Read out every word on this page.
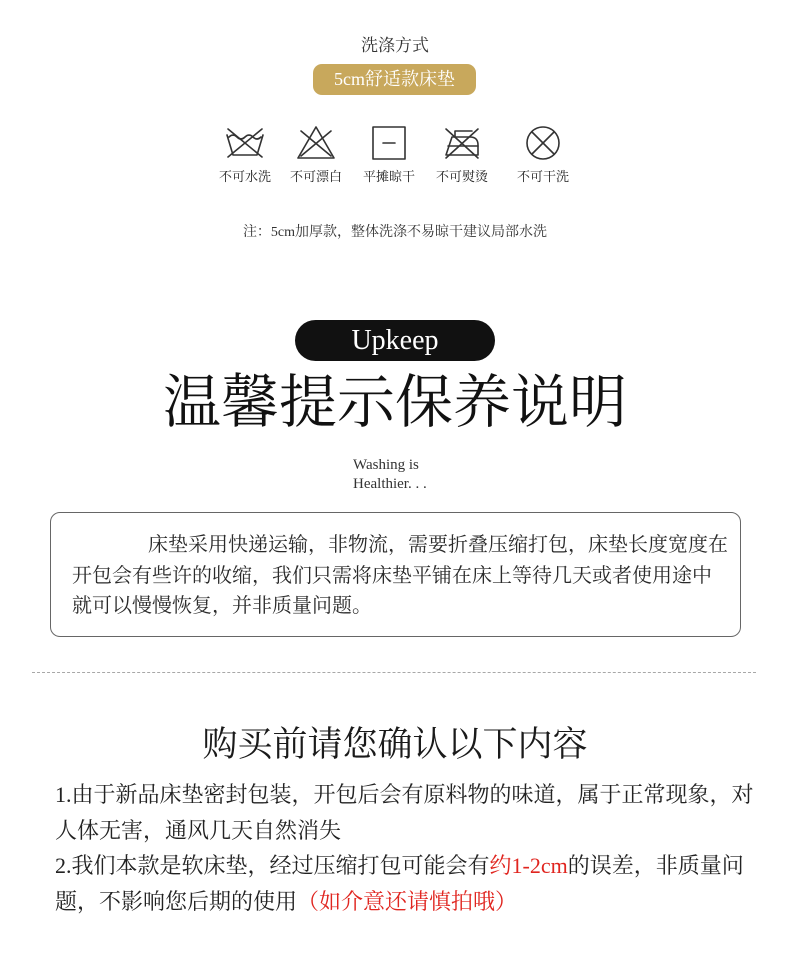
洗涤方式
5cm舒适款床垫
不可水洗	不可漂白	平摊晾干	不可熨烫	不可干洗
注：5cm加厚款，整体洗涤不易晾干建议局部水洗
Upkeep
温馨提示保养说明
Washing is
Healthier. . .
床垫采用快递运输，非物流，需要折叠压缩打包，床垫长度宽度在
开包会有些许的收缩，我们只需将床垫平铺在床上等待几天或者使用途中
就可以慢慢恢复，并非质量问题。
购买前请您确认以下内容
1.由于新品床垫密封包装，开包后会有原料物的味道，属于正常现象，对
人体无害，通风几天自然消失
2.我们本款是软床垫，经过压缩打包可能会有约1-2cm的误差，非质量问
题，不影响您后期的使用（如介意还请慎拍哦）
